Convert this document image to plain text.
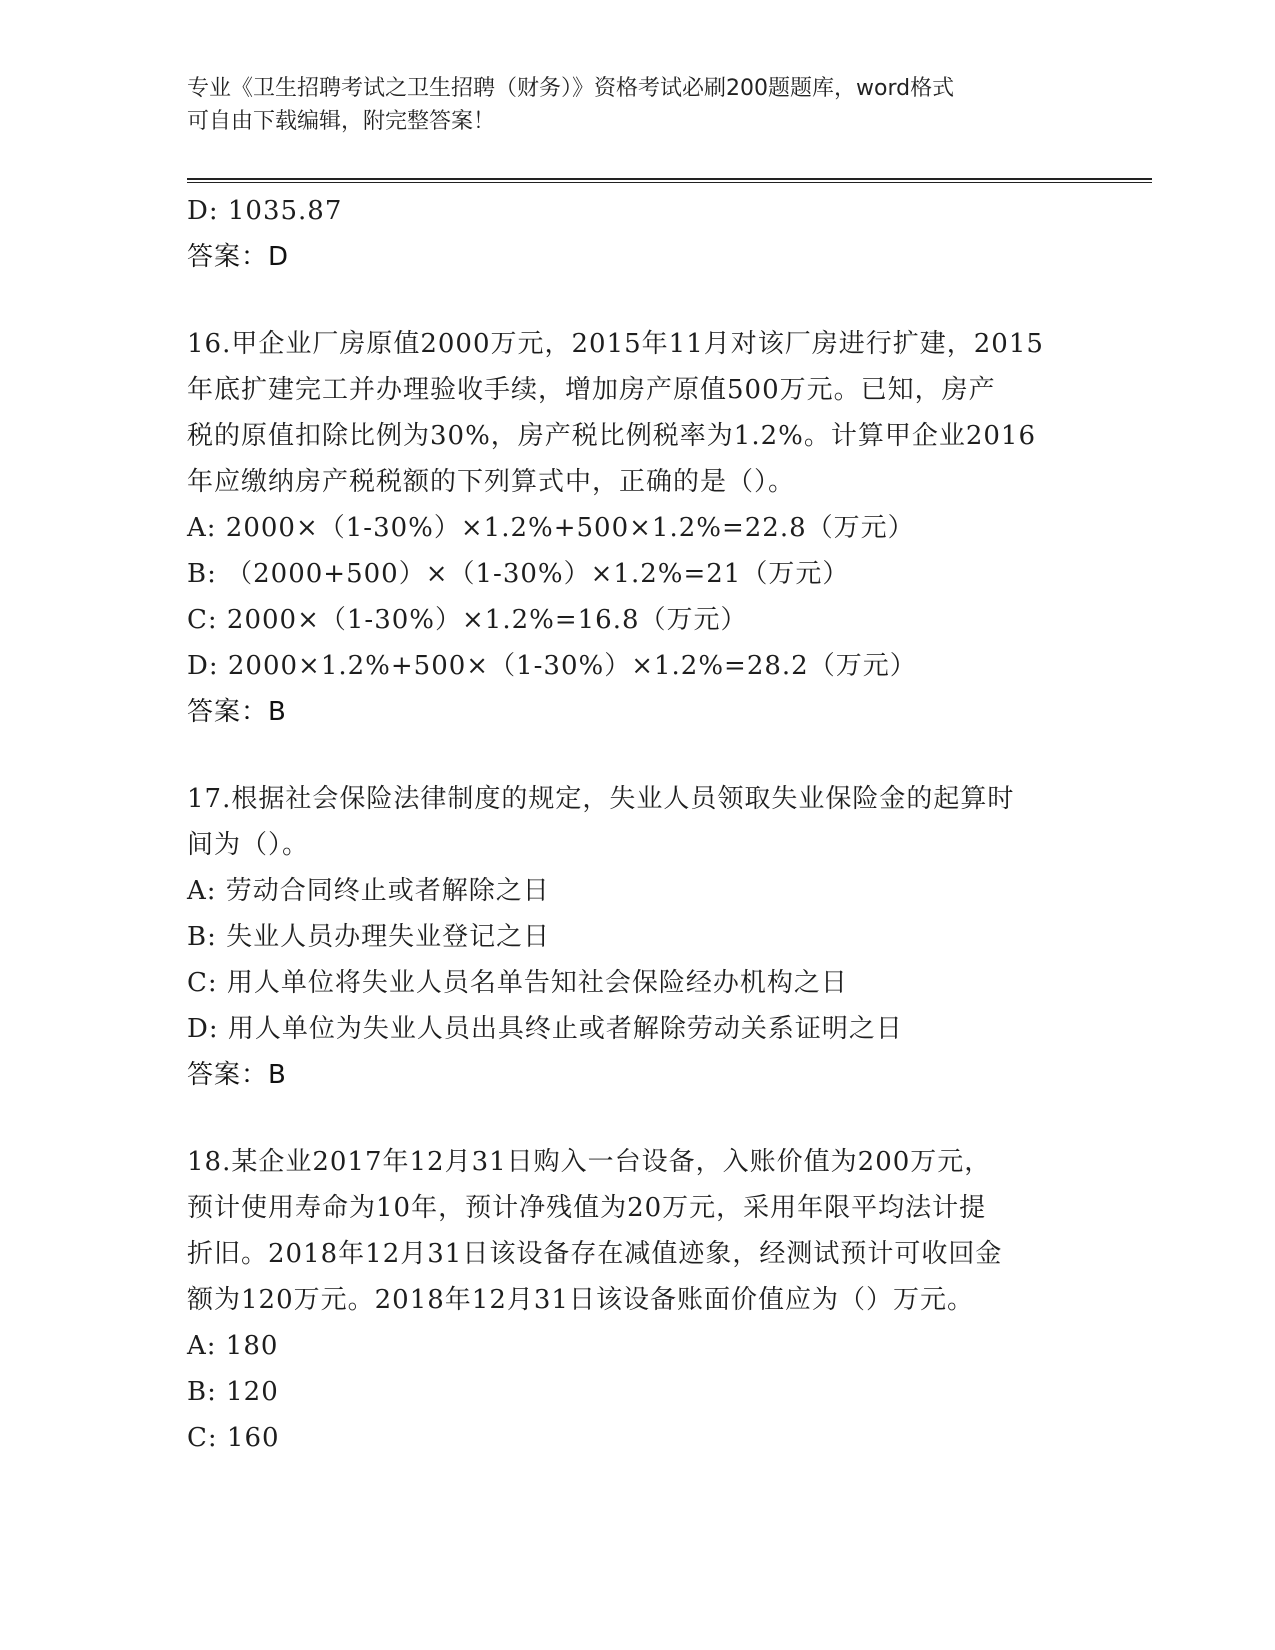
专业《卫生招聘考试之卫生招聘（财务）》资格考试必刷200题题库，word格式
可自由下载编辑，附完整答案！
D: 1035.87
答案：D
16.甲企业厂房原值2000万元，2015年11月对该厂房进行扩建，2015
年底扩建完工并办理验收手续，增加房产原值500万元。已知，房产
税的原值扣除比例为30%，房产税比例税率为1.2%。计算甲企业2016
年应缴纳房产税税额的下列算式中，正确的是（）。
A: 2000×（1-30%）×1.2%+500×1.2%=22.8（万元）
B: （2000+500）×（1-30%）×1.2%=21（万元）
C: 2000×（1-30%）×1.2%=16.8（万元）
D: 2000×1.2%+500×（1-30%）×1.2%=28.2（万元）
答案：B
17.根据社会保险法律制度的规定，失业人员领取失业保险金的起算时
间为（）。
A: 劳动合同终止或者解除之日
B: 失业人员办理失业登记之日
C: 用人单位将失业人员名单告知社会保险经办机构之日
D: 用人单位为失业人员出具终止或者解除劳动关系证明之日
答案：B
18.某企业2017年12月31日购入一台设备，入账价值为200万元，
预计使用寿命为10年，预计净残值为20万元，采用年限平均法计提
折旧。2018年12月31日该设备存在减值迹象，经测试预计可收回金
额为120万元。2018年12月31日该设备账面价值应为（）万元。
A: 180
B: 120
C: 160
